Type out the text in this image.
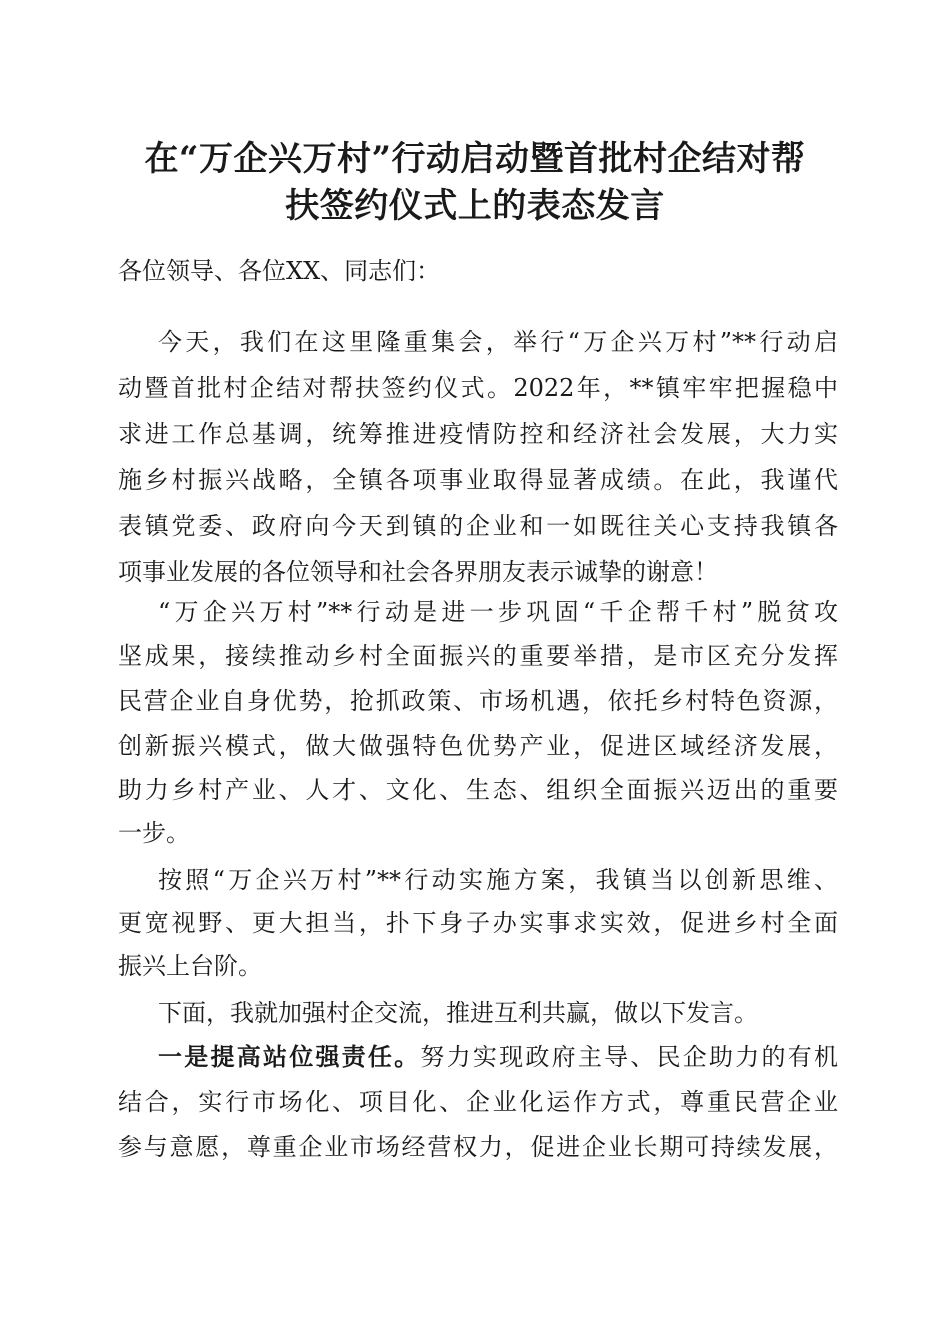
在“万企兴万村”行动启动暨首批村企结对帮
扶签约仪式上的表态发言
各位领导、各位XX、同志们：
今天，我们在这里隆重集会，举行“万企兴万村”**行动启
动暨首批村企结对帮扶签约仪式。2022年，**镇牢牢把握稳中
求进工作总基调，统筹推进疫情防控和经济社会发展，大力实
施乡村振兴战略，全镇各项事业取得显著成绩。在此，我谨代
表镇党委、政府向今天到镇的企业和一如既往关心支持我镇各
项事业发展的各位领导和社会各界朋友表示诚挚的谢意！
“万企兴万村”**行动是进一步巩固“千企帮千村”脱贫攻
坚成果，接续推动乡村全面振兴的重要举措，是市区充分发挥
民营企业自身优势，抢抓政策、市场机遇，依托乡村特色资源，
创新振兴模式，做大做强特色优势产业，促进区域经济发展，
助力乡村产业、人才、文化、生态、组织全面振兴迈出的重要
一步。
按照“万企兴万村”**行动实施方案，我镇当以创新思维、
更宽视野、更大担当，扑下身子办实事求实效，促进乡村全面
振兴上台阶。
下面，我就加强村企交流，推进互利共赢，做以下发言。
一是提高站位强责任。努力实现政府主导、民企助力的有机
结合，实行市场化、项目化、企业化运作方式，尊重民营企业
参与意愿，尊重企业市场经营权力，促进企业长期可持续发展，
